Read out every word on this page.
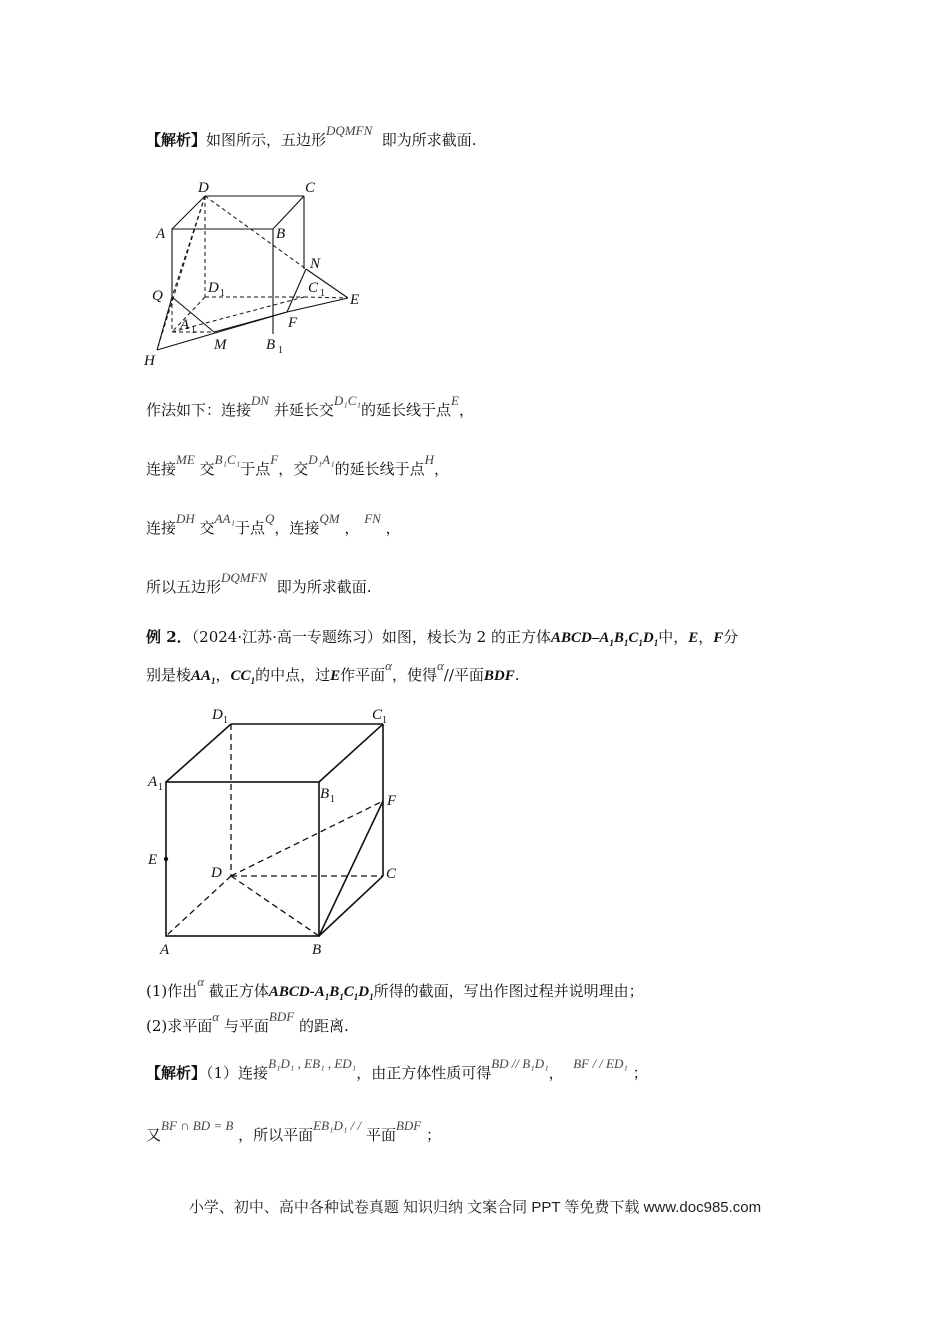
【解析】如图所示，五边形DQMFN  即为所求截面.
D	C
A	B
N
Q	D 1	C 1 E
A 1	F
M	B 1
H
作法如下：连接DN 并延长交D₁C₁的延长线于点E，
连接ME 交B₁C₁于点F，交D₁A₁的延长线于点H，
连接DH 交AA₁于点Q，连接QM ， FN ，
所以五边形DQMFN  即为所求截面.
例 2．（2024·江苏·高一专题练习）如图，棱长为 2 的正方体ABCD–$A_1B_1C_1D_1$中，E，F分
别是棱$AA_1$，$CC_1$的中点，过E作平面α，使得α//平面BDF.
D 1	C 1
A 1	B 1	F
E
D	C
A	B
(1)作出α 截正方体ABCD-$A_1B_1C_1D_1$所得的截面，写出作图过程并说明理由；
(2)求平面α 与平面BDF 的距离.
【解析】（1）连接B₁D₁ , EB₁ , ED₁，由正方体性质可得BD // B₁D₁，  BF / / ED₁ ；
又BF ∩ BD = B ，所以平面EB₁D₁ / / 平面BDF ；
小学、初中、高中各种试卷真题 知识归纳 文案合同 PPT 等免费下载 www.doc985.com
